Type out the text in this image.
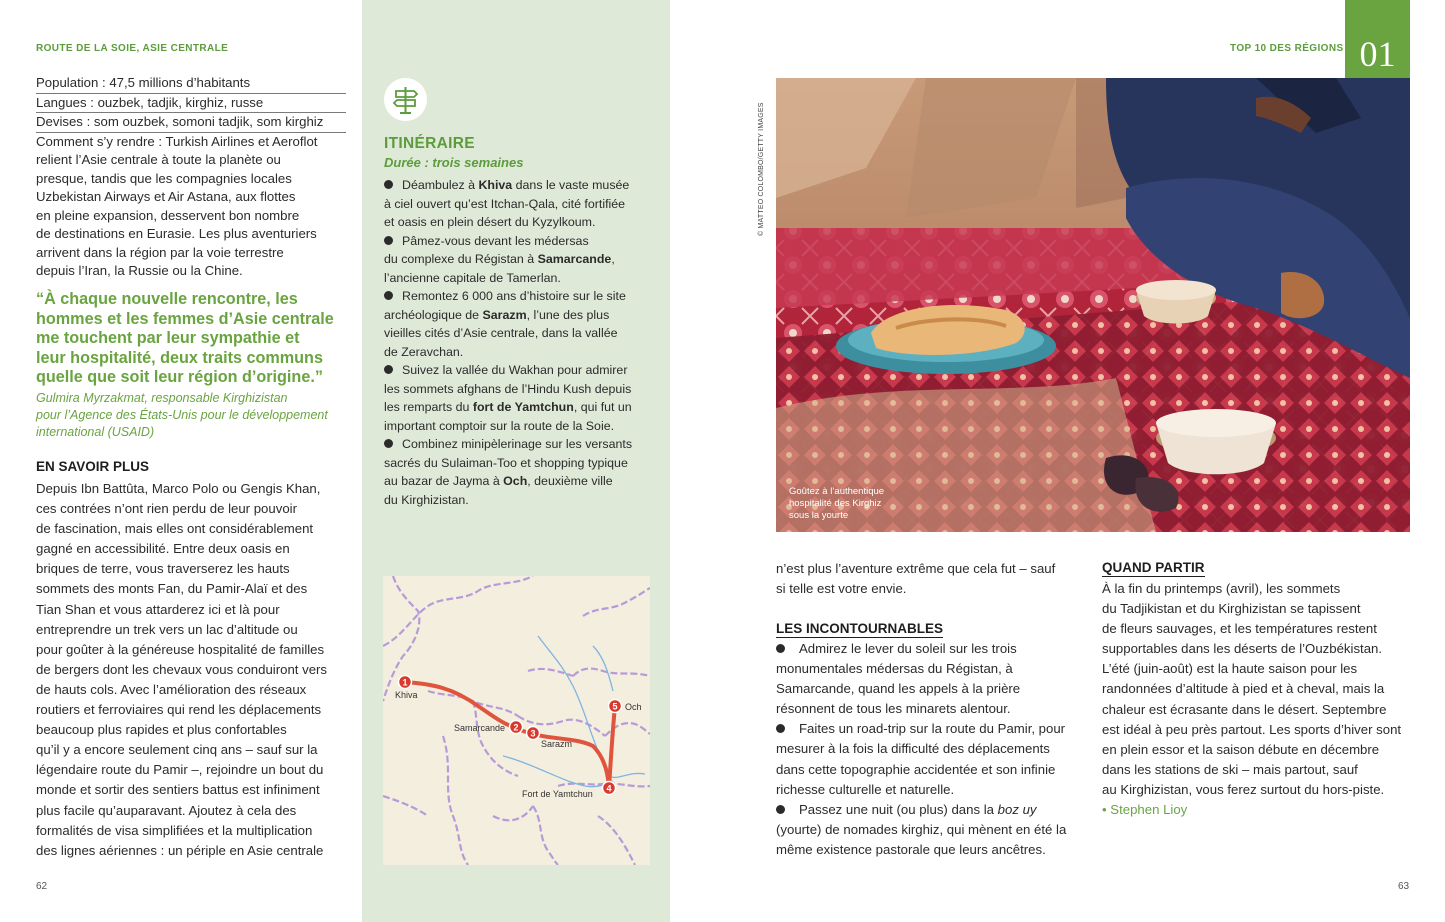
ROUTE DE LA SOIE, ASIE CENTRALE
Population : 47,5 millions d’habitants
Langues : ouzbek, tadjik, kirghiz, russe
Devises : som ouzbek, somoni tadjik, som kirghiz
Comment s’y rendre : Turkish Airlines et Aeroflot
relient l’Asie centrale à toute la planète ou
presque, tandis que les compagnies locales
Uzbekistan Airways et Air Astana, aux flottes
en pleine expansion, desservent bon nombre
de destinations en Eurasie. Les plus aventuriers
arrivent dans la région par la voie terrestre
depuis l’Iran, la Russie ou la Chine.
“À chaque nouvelle rencontre, les
hommes et les femmes d’Asie centrale
me touchent par leur sympathie et
leur hospitalité, deux traits communs
quelle que soit leur région d’origine.”
Gulmira Myrzakmat, responsable Kirghizistan
pour l’Agence des États-Unis pour le développement
international (USAID)
EN SAVOIR PLUS
Depuis Ibn Battûta, Marco Polo ou Gengis Khan,
ces contrées n’ont rien perdu de leur pouvoir
de fascination, mais elles ont considérablement
gagné en accessibilité. Entre deux oasis en
briques de terre, vous traverserez les hauts
sommets des monts Fan, du Pamir-Alaï et des
Tian Shan et vous attarderez ici et là pour
entreprendre un trek vers un lac d’altitude ou
pour goûter à la généreuse hospitalité de familles
de bergers dont les chevaux vous conduiront vers
de hauts cols. Avec l’amélioration des réseaux
routiers et ferroviaires qui rend les déplacements
beaucoup plus rapides et plus confortables
qu’il y a encore seulement cinq ans – sauf sur la
légendaire route du Pamir –, rejoindre un bout du
monde et sortir des sentiers battus est infiniment
plus facile qu’auparavant. Ajoutez à cela des
formalités de visa simplifiées et la multiplication
des lignes aériennes : un périple en Asie centrale
62
ITINÉRAIRE
Durée : trois semaines
Déambulez à Khiva dans le vaste musée
à ciel ouvert qu’est Itchan-Qala, cité fortifiée
et oasis en plein désert du Kyzylkoum.
Pâmez-vous devant les médersas
du complexe du Régistan à Samarcande,
l’ancienne capitale de Tamerlan.
Remontez 6 000 ans d’histoire sur le site
archéologique de Sarazm, l’une des plus
vieilles cités d’Asie centrale, dans la vallée
de Zeravchan.
Suivez la vallée du Wakhan pour admirer
les sommets afghans de l’Hindu Kush depuis
les remparts du fort de Yamtchun, qui fut un
important comptoir sur la route de la Soie.
Combinez minipèlerinage sur les versants
sacrés du Sulaiman-Too et shopping typique
au bazar de Jayma à Och, deuxième ville
du Kirghizistan.
1
Khiva
2
Samarcande
3
Sarazm
4
Fort de Yamtchun
5 Och
TOP 10 DES RÉGIONS 01
© MATTEO COLOMBO/GETTY IMAGES
Goûtez à l’authentique
hospitalité des Kirghiz
sous la yourte
n’est plus l’aventure extrême que cela fut – sauf
si telle est votre envie.
LES INCONTOURNABLES
Admirez le lever du soleil sur les trois
monumentales médersas du Régistan, à
Samarcande, quand les appels à la prière
résonnent de tous les minarets alentour.
Faites un road-trip sur la route du Pamir, pour
mesurer à la fois la difficulté des déplacements
dans cette topographie accidentée et son infinie
richesse culturelle et naturelle.
Passez une nuit (ou plus) dans la boz uy
(yourte) de nomades kirghiz, qui mènent en été la
même existence pastorale que leurs ancêtres.
QUAND PARTIR
À la fin du printemps (avril), les sommets
du Tadjikistan et du Kirghizistan se tapissent
de fleurs sauvages, et les températures restent
supportables dans les déserts de l’Ouzbékistan.
L’été (juin-août) est la haute saison pour les
randonnées d’altitude à pied et à cheval, mais la
chaleur est écrasante dans le désert. Septembre
est idéal à peu près partout. Les sports d’hiver sont
en plein essor et la saison débute en décembre
dans les stations de ski – mais partout, sauf
au Kirghizistan, vous ferez surtout du hors-piste.
• Stephen Lioy
63
